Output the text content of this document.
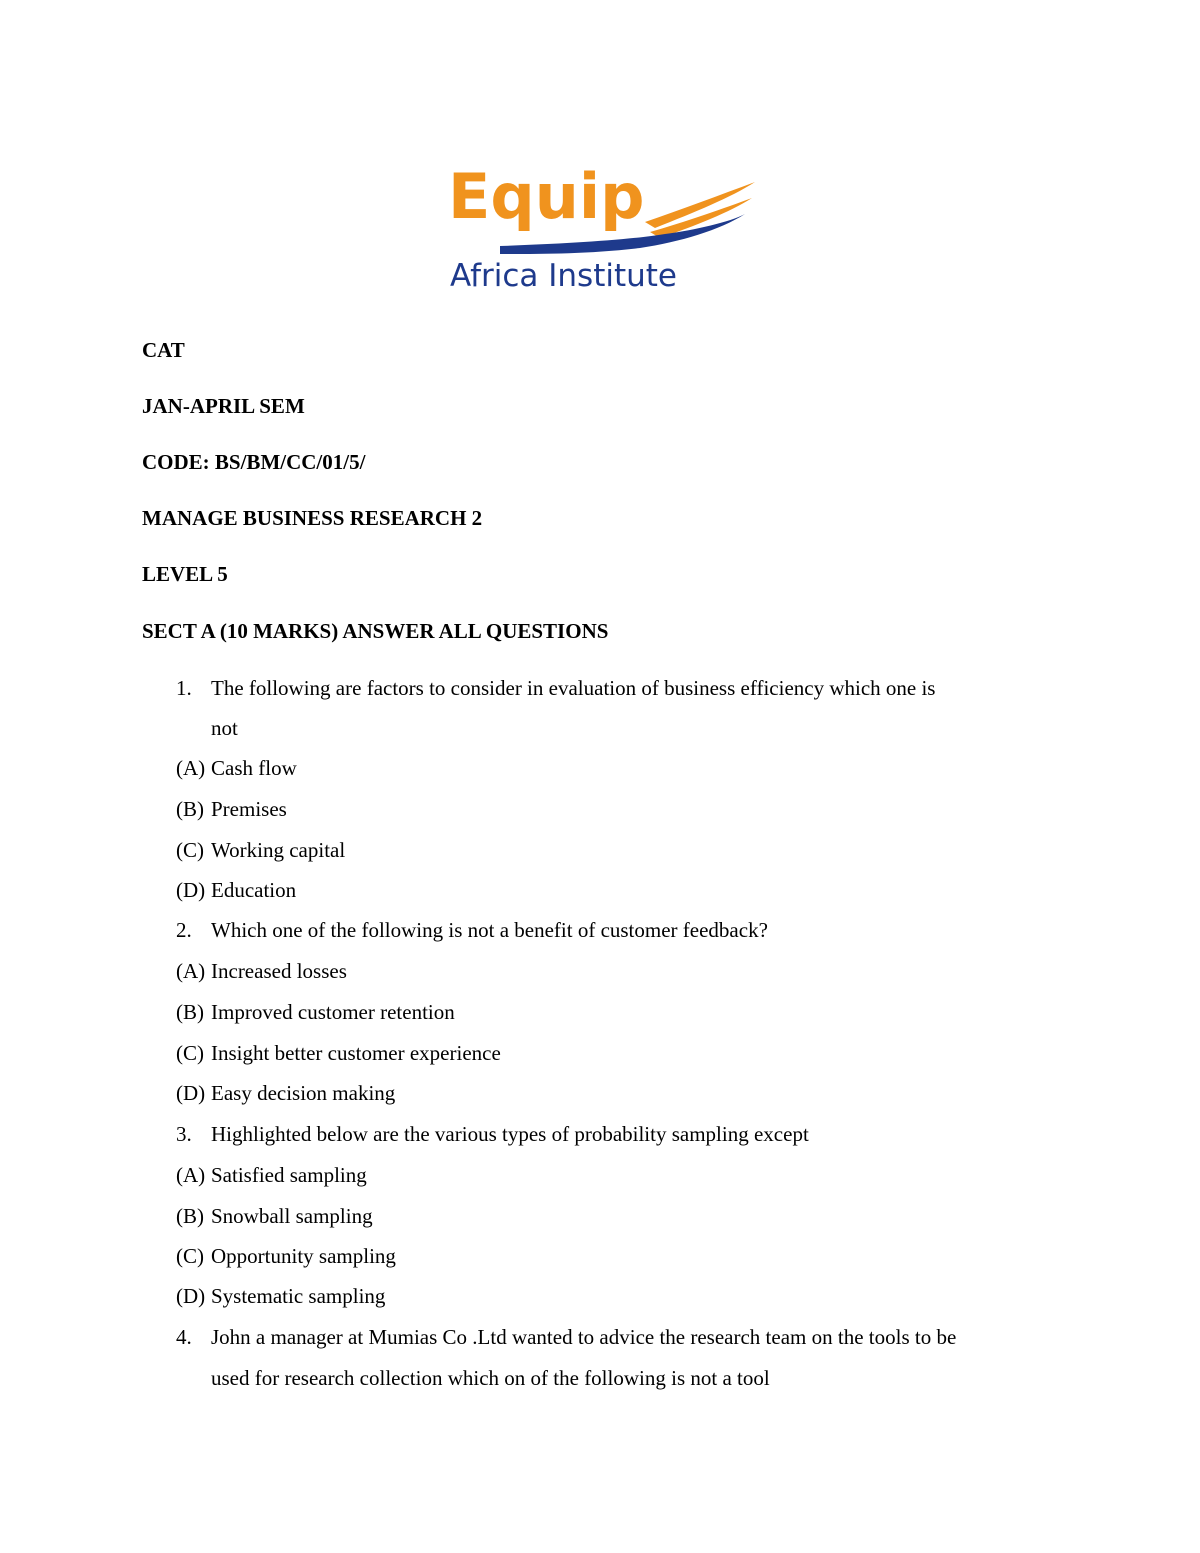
Equip
Africa Institute
CAT
JAN-APRIL SEM
CODE: BS/BM/CC/01/5/
MANAGE BUSINESS RESEARCH 2
LEVEL 5
SECT A (10 MARKS) ANSWER ALL QUESTIONS
1. The following are factors to consider in evaluation of business efficiency which one is
not
(A) Cash flow
(B) Premises
(C) Working capital
(D) Education
2. Which one of the following is not a benefit of customer feedback?
(A) Increased losses
(B) Improved customer retention
(C) Insight better customer experience
(D) Easy decision making
3. Highlighted below are the various types of probability sampling except
(A) Satisfied sampling
(B) Snowball sampling
(C) Opportunity sampling
(D) Systematic sampling
4. John a manager at Mumias Co .Ltd wanted to advice the research team on the tools to be
used for research collection which on of the following is not a tool
